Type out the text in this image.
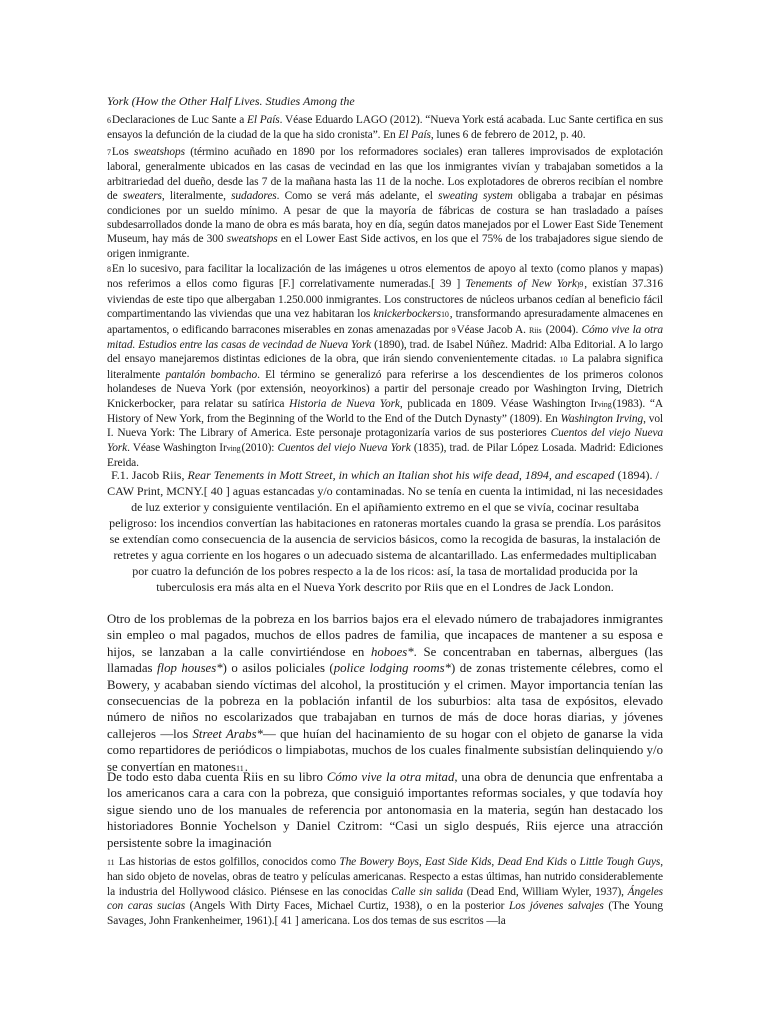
York (How the Other Half Lives. Studies Among the

6Declaraciones de Luc Sante a El País. Véase Eduardo LAGO (2012). “Nueva York está acabada. Luc Sante certifica en sus ensayos la defunción de la ciudad de la que ha sido cronista”. En El País, lunes 6 de febrero de 2012, p. 40.

7Los sweatshops (término acuñado en 1890 por los reformadores sociales) eran talleres improvisados de explotación laboral, generalmente ubicados en las casas de vecindad en las que los inmigrantes vivían y trabajaban sometidos a la arbitrariedad del dueño, desde las 7 de la mañana hasta las 11 de la noche. Los explotadores de obreros recibían el nombre de sweaters, literalmente, sudadores. Como se verá más adelante, el sweating system obligaba a trabajar en pésimas condiciones por un sueldo mínimo. A pesar de que la mayoría de fábricas de costura se han trasladado a países subdesarrollados donde la mano de obra es más barata, hoy en día, según datos manejados por el Lower East Side Tenement Museum, hay más de 300 sweatshops en el Lower East Side activos, en los que el 75% de los trabajadores sigue siendo de origen inmigrante.

8En lo sucesivo, para facilitar la localización de las imágenes u otros elementos de apoyo al texto (como planos y mapas) nos referimos a ellos como figuras [F.] correlativamente numeradas.[ 39 ] Tenements of New York)9, existían 37.316 viviendas de este tipo que albergaban 1.250.000 inmigrantes. Los constructores de núcleos urbanos cedían al beneficio fácil compartimentando las viviendas que una vez habitaran los knickerbockers10, transformando apresuradamente almacenes en apartamentos, o edificando barracones miserables en zonas amenazadas por 9Véase Jacob A. Riis (2004). Cómo vive la otra mitad. Estudios entre las casas de vecindad de Nueva York (1890), trad. de Isabel Núñez. Madrid: Alba Editorial. A lo largo del ensayo manejaremos distintas ediciones de la obra, que irán siendo convenientemente citadas. 10 La palabra significa literalmente pantalón bombacho. El término se generalizó para referirse a los descendientes de los primeros colonos holandeses de Nueva York (por extensión, neoyorkinos) a partir del personaje creado por Washington Irving, Dietrich Knickerbocker, para relatar su satírica Historia de Nueva York, publicada en 1809. Véase Washington Irving(1983). “A History of New York, from the Beginning of the World to the End of the Dutch Dynasty” (1809). En Washington Irving, vol I. Nueva York: The Library of America. Este personaje protagonizaría varios de sus posteriores Cuentos del viejo Nueva York. Véase Washington Irving(2010): Cuentos del viejo Nueva York (1835), trad. de Pilar López Losada. Madrid: Ediciones Ereida.

F.1. Jacob Riis, Rear Tenements in Mott Street, in which an Italian shot his wife dead, 1894, and escaped (1894). / CAW Print, MCNY.[ 40 ] aguas estancadas y/o contaminadas. No se tenía en cuenta la intimidad, ni las necesidades de luz exterior y consiguiente ventilación. En el apiñamiento extremo en el que se vivía, cocinar resultaba peligroso: los incendios convertían las habitaciones en ratoneras mortales cuando la grasa se prendía. Los parásitos se extendían como consecuencia de la ausencia de servicios básicos, como la recogida de basuras, la instalación de retretes y agua corriente en los hogares o un adecuado sistema de alcantarillado. Las enfermedades multiplicaban por cuatro la defunción de los pobres respecto a la de los ricos: así, la tasa de mortalidad producida por la tuberculosis era más alta en el Nueva York descrito por Riis que en el Londres de Jack London.

Otro de los problemas de la pobreza en los barrios bajos era el elevado número de trabajadores inmigrantes sin empleo o mal pagados, muchos de ellos padres de familia, que incapaces de mantener a su esposa e hijos, se lanzaban a la calle convirtiéndose en hoboes*. Se concentraban en tabernas, albergues (las llamadas flop houses*) o asilos policiales (police lodging rooms*) de zonas tristemente célebres, como el Bowery, y acababan siendo víctimas del alcohol, la prostitución y el crimen. Mayor importancia tenían las consecuencias de la pobreza en la población infantil de los suburbios: alta tasa de expósitos, elevado número de niños no escolarizados que trabajaban en turnos de más de doce horas diarias, y jóvenes callejeros —los Street Arabs*— que huían del hacinamiento de su hogar con el objeto de ganarse la vida como repartidores de periódicos o limpiabotas, muchos de los cuales finalmente subsistían delinquiendo y/o se convertían en matones11.

De todo esto daba cuenta Riis en su libro Cómo vive la otra mitad, una obra de denuncia que enfrentaba a los americanos cara a cara con la pobreza, que consiguió importantes reformas sociales, y que todavía hoy sigue siendo uno de los manuales de referencia por antonomasia en la materia, según han destacado los historiadores Bonnie Yochelson y Daniel Czitrom: “Casi un siglo después, Riis ejerce una atracción persistente sobre la imaginación

11 Las historias de estos golfillos, conocidos como The Bowery Boys, East Side Kids, Dead End Kids o Little Tough Guys, han sido objeto de novelas, obras de teatro y películas americanas. Respecto a estas últimas, han nutrido considerablemente la industria del Hollywood clásico. Piénsese en las conocidas Calle sin salida (Dead End, William Wyler, 1937), Ángeles con caras sucias (Angels With Dirty Faces, Michael Curtiz, 1938), o en la posterior Los jóvenes salvajes (The Young Savages, John Frankenheimer, 1961).[ 41 ] americana. Los dos temas de sus escritos —la
